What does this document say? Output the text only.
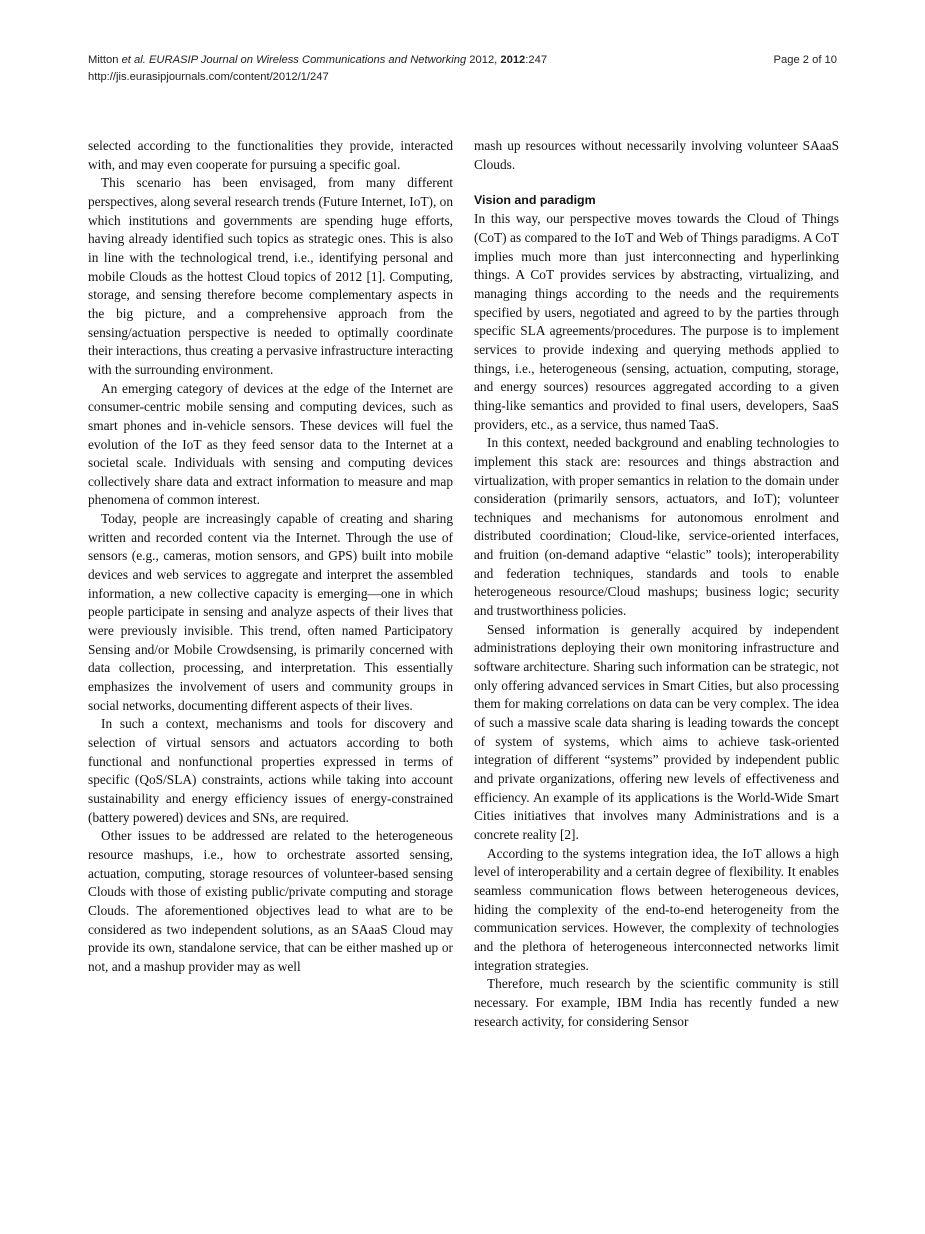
Mitton et al. EURASIP Journal on Wireless Communications and Networking 2012, 2012:247
http://jis.eurasipjournals.com/content/2012/1/247
Page 2 of 10

selected according to the functionalities they provide, interacted with, and may even cooperate for pursuing a specific goal.

This scenario has been envisaged, from many different perspectives, along several research trends (Future Internet, IoT), on which institutions and governments are spending huge efforts, having already identified such topics as strategic ones. This is also in line with the technological trend, i.e., identifying personal and mobile Clouds as the hottest Cloud topics of 2012 [1]. Computing, storage, and sensing therefore become complementary aspects in the big picture, and a comprehensive approach from the sensing/actuation perspective is needed to optimally coordinate their interactions, thus creating a pervasive infrastructure interacting with the surrounding environment.

An emerging category of devices at the edge of the Internet are consumer-centric mobile sensing and computing devices, such as smart phones and in-vehicle sensors. These devices will fuel the evolution of the IoT as they feed sensor data to the Internet at a societal scale. Individuals with sensing and computing devices collectively share data and extract information to measure and map phenomena of common interest.

Today, people are increasingly capable of creating and sharing written and recorded content via the Internet. Through the use of sensors (e.g., cameras, motion sensors, and GPS) built into mobile devices and web services to aggregate and interpret the assembled information, a new collective capacity is emerging—one in which people participate in sensing and analyze aspects of their lives that were previously invisible. This trend, often named Participatory Sensing and/or Mobile Crowdsensing, is primarily concerned with data collection, processing, and interpretation. This essentially emphasizes the involvement of users and community groups in social networks, documenting different aspects of their lives.

In such a context, mechanisms and tools for discovery and selection of virtual sensors and actuators according to both functional and nonfunctional properties expressed in terms of specific (QoS/SLA) constraints, actions while taking into account sustainability and energy efficiency issues of energy-constrained (battery powered) devices and SNs, are required.

Other issues to be addressed are related to the heterogeneous resource mashups, i.e., how to orchestrate assorted sensing, actuation, computing, storage resources of volunteer-based sensing Clouds with those of existing public/private computing and storage Clouds. The aforementioned objectives lead to what are to be considered as two independent solutions, as an SAaaS Cloud may provide its own, standalone service, that can be either mashed up or not, and a mashup provider may as well

mash up resources without necessarily involving volunteer SAaaS Clouds.

Vision and paradigm

In this way, our perspective moves towards the Cloud of Things (CoT) as compared to the IoT and Web of Things paradigms. A CoT implies much more than just interconnecting and hyperlinking things. A CoT provides services by abstracting, virtualizing, and managing things according to the needs and the requirements specified by users, negotiated and agreed to by the parties through specific SLA agreements/procedures. The purpose is to implement services to provide indexing and querying methods applied to things, i.e., heterogeneous (sensing, actuation, computing, storage, and energy sources) resources aggregated according to a given thing-like semantics and provided to final users, developers, SaaS providers, etc., as a service, thus named TaaS.

In this context, needed background and enabling technologies to implement this stack are: resources and things abstraction and virtualization, with proper semantics in relation to the domain under consideration (primarily sensors, actuators, and IoT); volunteer techniques and mechanisms for autonomous enrolment and distributed coordination; Cloud-like, service-oriented interfaces, and fruition (on-demand adaptive “elastic” tools); interoperability and federation techniques, standards and tools to enable heterogeneous resource/Cloud mashups; business logic; security and trustworthiness policies.

Sensed information is generally acquired by independent administrations deploying their own monitoring infrastructure and software architecture. Sharing such information can be strategic, not only offering advanced services in Smart Cities, but also processing them for making correlations on data can be very complex. The idea of such a massive scale data sharing is leading towards the concept of system of systems, which aims to achieve task-oriented integration of different “systems” provided by independent public and private organizations, offering new levels of effectiveness and efficiency. An example of its applications is the World-Wide Smart Cities initiatives that involves many Administrations and is a concrete reality [2].

According to the systems integration idea, the IoT allows a high level of interoperability and a certain degree of flexibility. It enables seamless communication flows between heterogeneous devices, hiding the complexity of the end-to-end heterogeneity from the communication services. However, the complexity of technologies and the plethora of heterogeneous interconnected networks limit integration strategies.

Therefore, much research by the scientific community is still necessary. For example, IBM India has recently funded a new research activity, for considering Sensor
